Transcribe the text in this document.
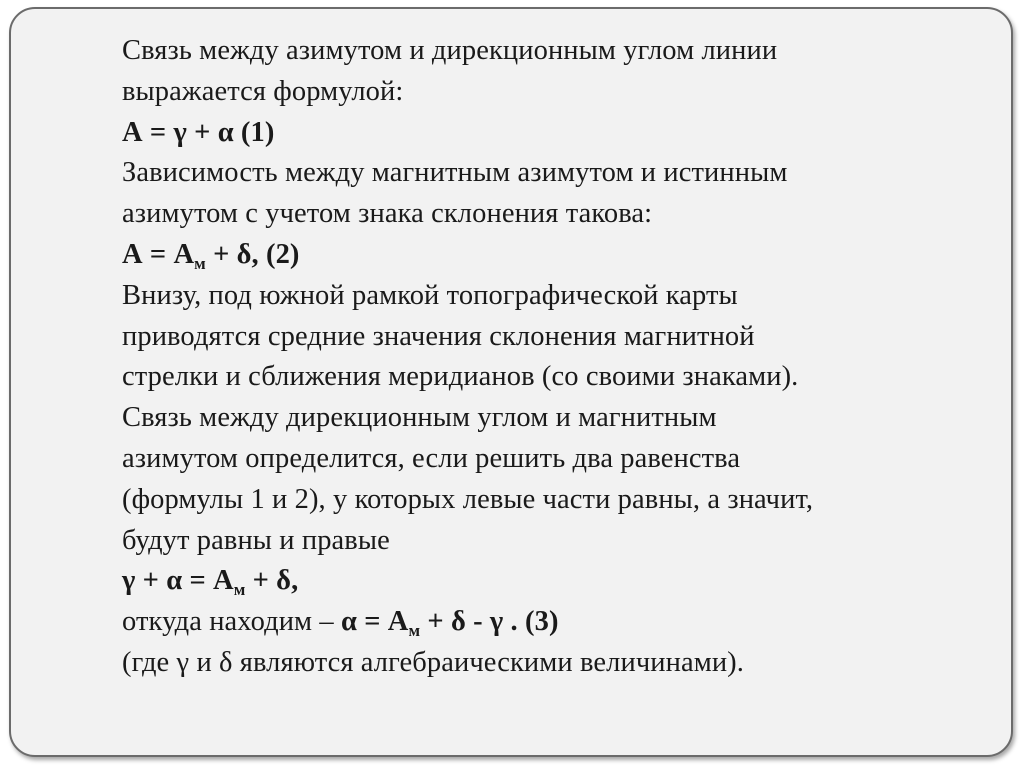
Связь между азимутом и дирекционным углом линии
выражается формулой:
А = γ + α (1)
Зависимость между магнитным азимутом и истинным
азимутом с учетом знака склонения такова:
$А = А_м + \delta$, (2)
Внизу, под южной рамкой топографической карты
приводятся средние значения склонения магнитной
стрелки и сближения меридианов (со своими знаками).
Связь между дирекционным углом и магнитным
азимутом определится, если решить два равенства
(формулы 1 и 2), у которых левые части равны, а значит,
будут равны и правые
$\gamma + \alpha = А_м + \delta$,
откуда находим – $\alpha = А_м + \delta - \gamma$ . (3)
(где γ и δ являются алгебраическими величинами).
